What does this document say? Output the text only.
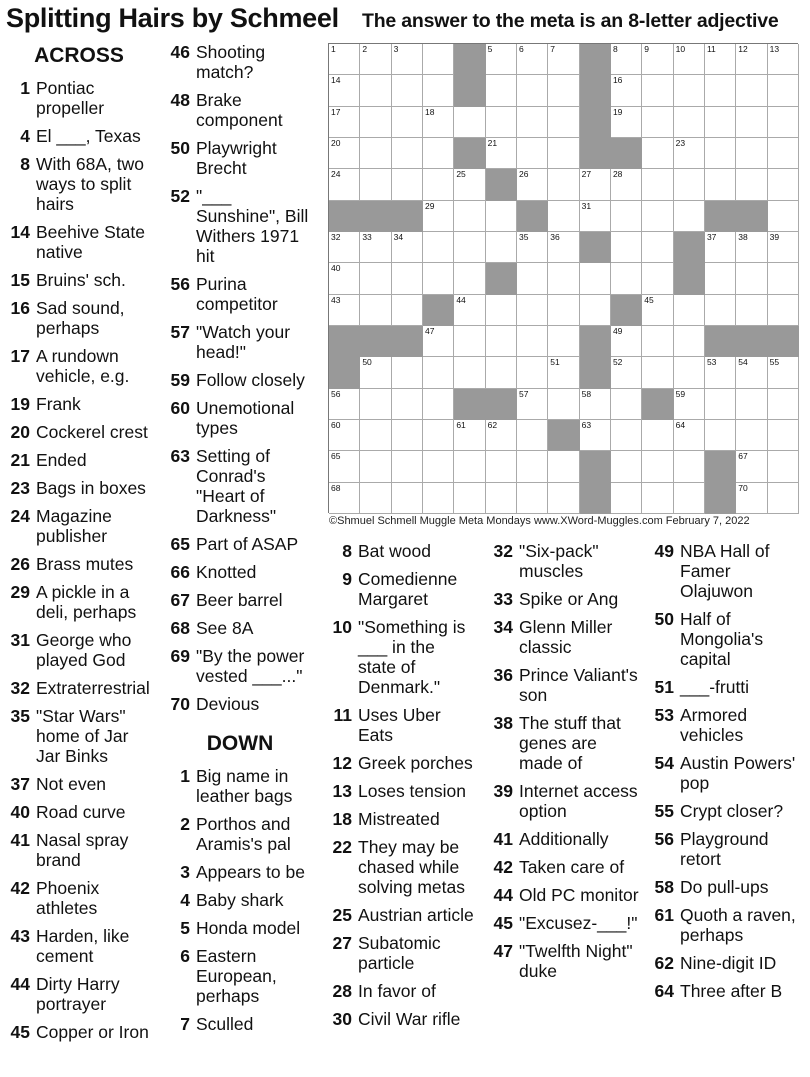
Splitting Hairs by Schmeel The answer to the meta is an 8-letter adjective
1	2	3	5	6	7	8	9	10	11	12	13
14	16
17	18	19
20	21	23
24	25	26	27	28
29	31
32	33	34	35	36	37	38	39
40
43	44	45
47	49
50	51	52	53	54	55
56	57	58	59
60	61	62	63	64
65	67
68	70
©Shmuel Schmell Muggle Meta Mondays www.XWord-Muggles.com February 7, 2022
ACROSS
1 Pontiac propeller
4 El ___, Texas
8 With 68A, two ways to split hairs
14 Beehive State native
15 Bruins' sch.
16 Sad sound, perhaps
17 A rundown vehicle, e.g.
19 Frank
20 Cockerel crest
21 Ended
23 Bags in boxes
24 Magazine publisher
26 Brass mutes
29 A pickle in a deli, perhaps
31 George who played God
32 Extraterrestrial
35 "Star Wars" home of Jar Jar Binks
37 Not even
40 Road curve
41 Nasal spray brand
42 Phoenix athletes
43 Harden, like cement
44 Dirty Harry portrayer
45 Copper or Iron
46 Shooting match?
48 Brake component
50 Playwright Brecht
52 "___ Sunshine", Bill Withers 1971 hit
56 Purina competitor
57 "Watch your head!"
59 Follow closely
60 Unemotional types
63 Setting of Conrad's "Heart of Darkness"
65 Part of ASAP
66 Knotted
67 Beer barrel
68 See 8A
69 "By the power vested ___..."
70 Devious
DOWN
1 Big name in leather bags
2 Porthos and Aramis's pal
3 Appears to be
4 Baby shark
5 Honda model
6 Eastern European, perhaps
7 Sculled
8 Bat wood
9 Comedienne Margaret
10 "Something is ___ in the state of Denmark."
11 Uses Uber Eats
12 Greek porches
13 Loses tension
18 Mistreated
22 They may be chased while solving metas
25 Austrian article
27 Subatomic particle
28 In favor of
30 Civil War rifle
32 "Six-pack" muscles
33 Spike or Ang
34 Glenn Miller classic
36 Prince Valiant's son
38 The stuff that genes are made of
39 Internet access option
41 Additionally
42 Taken care of
44 Old PC monitor
45 "Excusez-___!"
47 "Twelfth Night" duke
49 NBA Hall of Famer Olajuwon
50 Half of Mongolia's capital
51 ___-frutti
53 Armored vehicles
54 Austin Powers' pop
55 Crypt closer?
56 Playground retort
58 Do pull-ups
61 Quoth a raven, perhaps
62 Nine-digit ID
64 Three after B
